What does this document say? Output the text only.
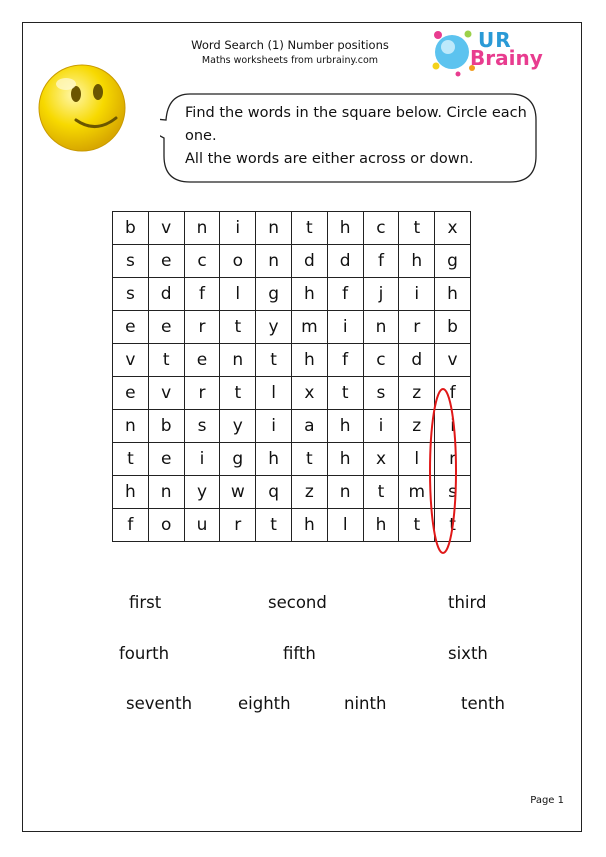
Word Search (1) Number positions
Maths worksheets from urbrainy.com
UR
Brainy
Find the words in the square below. Circle each
one.
All the words are either across or down.
b	v	n	i	n	t	h	c	t	x
s	e	c	o	n	d	d	f	h	g
s	d	f	l	g	h	f	j	i	h
e	e	r	t	y	m	i	n	r	b
v	t	e	n	t	h	f	c	d	v
e	v	r	t	l	x	t	s	z	f
n	b	s	y	i	a	h	i	z	i
t	e	i	g	h	t	h	x	l	r
h	n	y	w	q	z	n	t	m	s
f	o	u	r	t	h	l	h	t	t
first	second	third
fourth	fifth	sixth
seventh	eighth	ninth	tenth
Page 1
